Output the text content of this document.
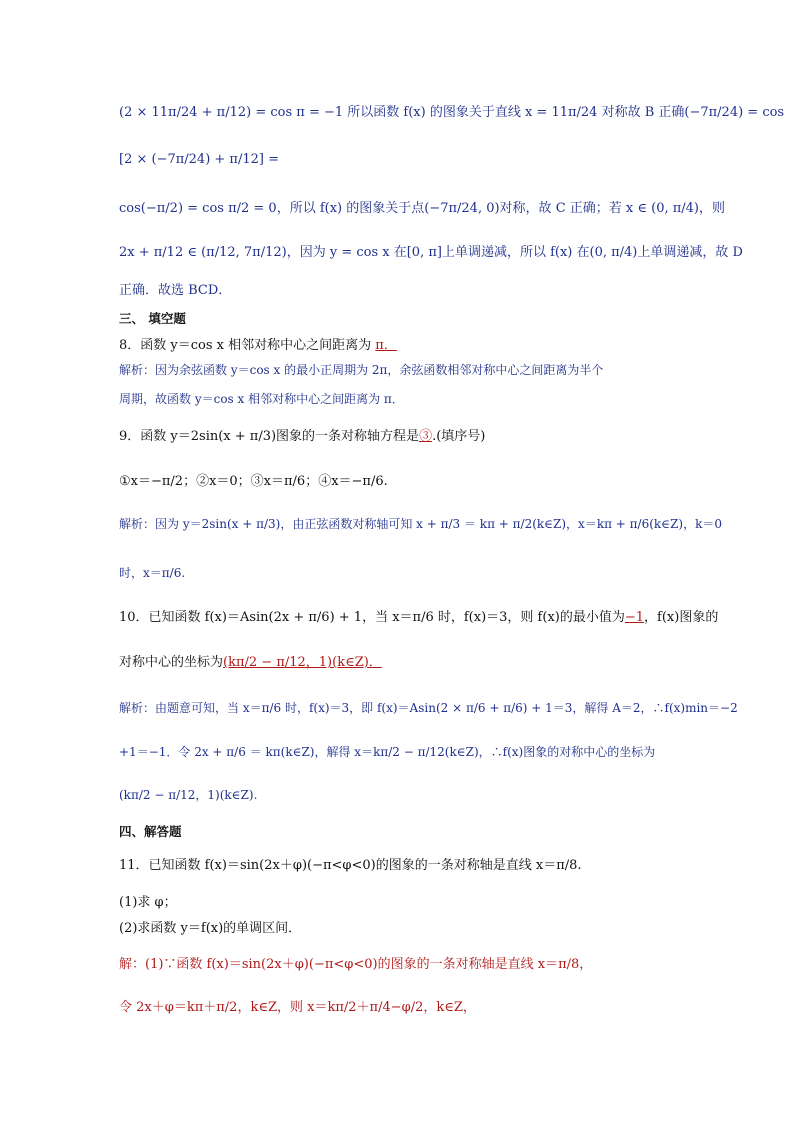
(2 × 11π/24 + π/12) = cos π = −1 所以函数 f(x) 的图象关于直线 x = 11π/24 对称故 B 正确(−7π/24) = cos
[2 × (−7π/24) + π/12] =
cos(−π/2) = cos π/2 = 0，所以 f(x) 的图象关于点(−7π/24, 0)对称，故 C 正确；若 x ∈ (0, π/4)，则
2x + π/12 ∈ (π/12, 7π/12)，因为 y = cos x 在[0, π]上单调递减，所以 f(x) 在(0, π/4)上单调递减，故 D
正确．故选 BCD．
三、 填空题
8．函数 y＝cos x 相邻对称中心之间距离为 π．
解析：因为余弦函数 y＝cos x 的最小正周期为 2π，余弦函数相邻对称中心之间距离为半个
周期，故函数 y＝cos x 相邻对称中心之间距离为 π．
9．函数 y＝2sin(x + π/3)图象的一条对称轴方程是③.(填序号)
①x＝−π/2；②x＝0；③x＝π/6；④x＝−π/6.
解析：因为 y＝2sin(x + π/3)，由正弦函数对称轴可知 x + π/3 ＝ kπ + π/2(k∈Z)，x＝kπ + π/6(k∈Z)，k＝0
时，x＝π/6.
10．已知函数 f(x)＝Asin(2x + π/6) + 1，当 x＝π/6 时，f(x)＝3，则 f(x)的最小值为−1，f(x)图象的
对称中心的坐标为(kπ/2 − π/12，1)(k∈Z)．
解析：由题意可知，当 x＝π/6 时，f(x)＝3，即 f(x)＝Asin(2 × π/6 + π/6) + 1＝3，解得 A＝2，∴f(x)min＝−2
+1＝−1．令 2x + π/6 ＝ kπ(k∈Z)，解得 x＝kπ/2 − π/12(k∈Z)，∴f(x)图象的对称中心的坐标为
(kπ/2 − π/12，1)(k∈Z).
四、解答题
11．已知函数 f(x)＝sin(2x＋φ)(−π<φ<0)的图象的一条对称轴是直线 x＝π/8.
(1)求 φ；
(2)求函数 y＝f(x)的单调区间．
解：(1)∵函数 f(x)＝sin(2x＋φ)(−π<φ<0)的图象的一条对称轴是直线 x＝π/8，
令 2x＋φ＝kπ＋π/2，k∈Z，则 x＝kπ/2＋π/4−φ/2，k∈Z，
